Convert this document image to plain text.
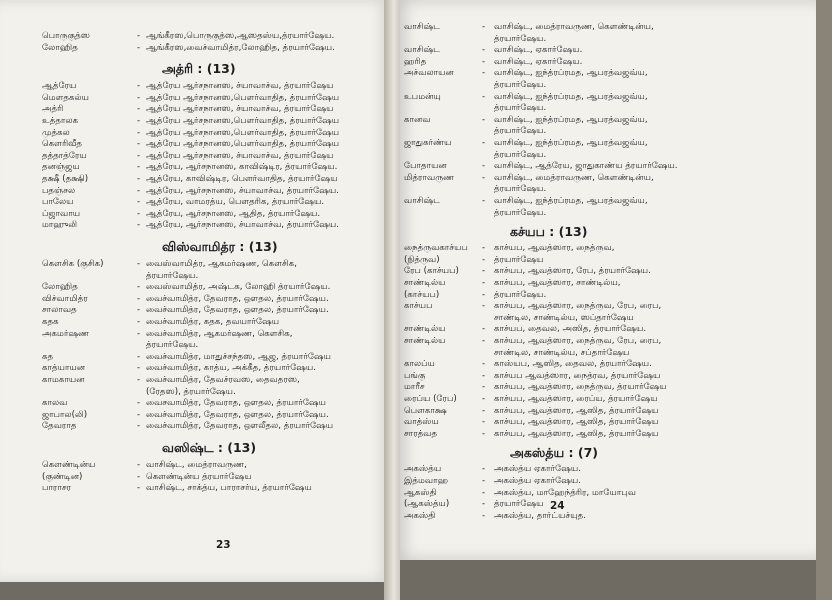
பொருகுத்ஸ	- ஆங்கீரஸ,பொருகுத்ஸ,ஆஸதஸ்ய,த்ரயார்ஷேய.
லோஹித	- ஆங்கீரஸ,வைச்வாமித்ர,லோஹித, த்ரயார்ஷேய.
அத்ரி : (13)
ஆத்ரேய	- ஆத்ரேய ஆர்சநானஸ, ச்யாவாச்வ, த்ரயார்ஷேய
மௌதகல்ய	- ஆத்ரேய ஆர்சநானஸ,பௌர்வாதித, த்ரயார்ஷேய
அத்ரி	- ஆத்ரேய ஆர்சநானஸ, ச்யாவாச்வ, த்ரயார்ஷேய
உத்தாலக	- ஆத்ரேய ஆர்சநானஸ,பௌர்வாதித, த்ரயார்ஷேய
முத்கல	- ஆத்ரேய ஆர்சநானஸ,பௌர்வாதித, த்ரயார்ஷேய
கௌரிவீத	- ஆத்ரேய ஆர்சநானஸ,பௌர்வாதித, த்ரயார்ஷேய
தத்தாத்ரேய	- ஆத்ரேய ஆர்சநானஸ, ச்யாவாச்வ, த்ரயார்ஷேய
தனஞ்ஜய	- ஆத்ரேய, ஆர்சநானஸ, காவிஷ்டிர, த்ரயார்ஷேய.
தக்ஷீ (தக்ஷி)	- ஆத்ரேய, காவிஷ்டிர, பௌர்வாதித, த்ரயார்ஷேய
பதஞ்சல	- ஆத்ரேய, ஆர்சநானஸ, ச்யாவாச்வ, த்ரயார்ஷேய.
பாலேய	- ஆத்ரேய, வாமரத்ய, பௌதரிக, த்ரயார்ஷேய.
ப்ஜாவாய	- ஆத்ரேய, ஆர்சநானஸ, ஆதித, த்ரயார்ஷேய.
மாஹுலி	- ஆத்ரேய, ஆர்சநானஸ, ச்யாவாச்வ, த்ரயார்ஷேய.
விஸ்வாமித்ர : (13)
கௌசிக (குசிக)	- வைஸ்வாமித்ர, ஆகமர்ஷண, கௌசிக,
த்ரயார்ஷேய.
லோஹித	- வைஸ்வாமித்ர, அஷ்டக, லோஹி த்ரயார்ஷேய.
விச்வாமித்ர	- வைச்வாமித்ர, தேவராத, ஔதல, த்ரயார்ஷேய.
சாலாவத	- வைச்வாமித்ர, தேவராத, ஔதல, த்ரயார்ஷேய.
கதக	- வைச்வாமித்ர, கதக, தவயார்ஷேய
அகமர்ஷண	- வைச்வாமித்ர, ஆகமர்ஷண, கௌசிக,
த்ரயார்ஷேய.
கத	- வைச்வாமித்ர, மாதுச்சந்தஸ, ஆஜ, த்ரயார்ஷேய
காத்யாயன	- வைச்வாமித்ர, காத்ய, அக்கீத, த்ரயார்ஷேய.
காமகாயன	- வைச்வாமித்ர, தேவச்ரவஸ, தைவதரஸ,
(ரேதஸ), த்ரயார்ஷேய.
காலவ	- வைசவாமித்ர, தேவராத, ஔதல, த்ரயார்ஷேய
ஜாபால(லி)	- வைச்வாமித்ர, தேவராத, ஔதல, த்ரயார்ஷேய.
தேவராத	- வைச்வாமித்ர, தேவராத, ஔலீதல, த்ரயார்ஷேய
வஸிஷ்ட : (13)
கௌண்டின்ய	- வாசிஷ்ட, மைத்ராவருண,
(குண்டின)	- கௌண்டின்ய த்ரயார்ஷேய
பாராசர	- வாசிஷ்ட, சாக்த்ய, பாராசர்ய, த்ரயார்ஷேய
23
வாசிஷ்ட	- வாசிஷ்ட, மைத்ராவருண, கௌண்டின்ய,
த்ரயார்ஷேய.
வாசிஷ்ட	- வாசிஷ்ட, ஏகார்ஷேய.
ஹரித	- வாசிஷ்ட, ஏகார்ஷேய.
அச்வலாயன	- வாசிஷ்ட, ஐந்த்ரப்ரமத, ஆபரத்வஜவ்ய,
த்ரயார்ஷேய.
உபமன்யு	- வாசிஷ்ட, ஐந்த்ரப்ரமத, ஆபரத்வஜவ்ய,
த்ரயார்ஷேய.
கானவ	- வாசிஷ்ட, ஐந்த்ரப்ரமத, ஆபரத்வஜவ்ய,
த்ரயார்ஷேய.
ஜாதுகர்ண்ய	- வாசிஷ்ட, ஐந்த்ரப்ரமத, ஆபரத்வஜவ்ய,
த்ரயார்ஷேய.
போதாயன	- வாசிஷ்ட, ஆத்ரேய, ஜாதுகாண்ய த்ரயார்ஷேய.
மித்ராவருண	- வாசிஷ்ட, மைத்ராவருண, கௌண்டின்ய,
த்ரயார்ஷேய.
வாசிஷ்ட	- வாசிஷ்ட, ஐந்த்ரப்ரமத, ஆபரத்வஜவ்ய,
த்ரயார்ஷேய.
கச்யப : (13)
நைத்ருவகாச்யப - காச்யப, ஆவத்ஸார, நைத்ருவ,
(நித்ருவ)	- த்ரயார்ஷேய
ரேப (காச்யப)	- காச்யப, ஆவத்ஸார, ரேப, த்ரயார்ஷேய.
சாண்டில்ய	- காச்யப, ஆவத்ஸார, சாண்டில்ய,
(காச்யப)	- த்ரயார்ஷேய.
காச்யப	- காச்யப, ஆவத்ஸார, நைத்ருவ, ரேப, ரைப,
சாண்டில, சாண்டில்ய, ஸப்தார்ஷேய
சாண்டில்ய	- காச்யப, தைவல, அஸித, த்ரயார்ஷேய.
சாண்டில்ய	- காச்யப, ஆவத்ஸார, நைத்ருவ, ரேப, ரைப,
சாண்டில, சாண்டில்ய, சப்தார்ஷேய
காலப்ய	- காஸ்யப, ஆஸித, தைவல, த்ரயார்ஷேய.
பங்கு	- காச்யப ஆவத்ஸார, நைத்ரவ, த்ரயார்ஷேய
மாரீச	- காச்யப, ஆவத்ஸார, நைத்ருவ, த்ரயார்ஷேய
ரைப்ய (ரேப)	- காச்யப, ஆவத்ஸார, ரைப்ய, த்ரயார்ஷேய
பௌகாக்ஷ	- காச்யப, ஆவத்ஸார, ஆஸித, த்ரயார்ஷேய
வாத்ஸ்ய	- காச்யப, ஆவத்ஸார, ஆஸித, த்ரயார்ஷேய
சாரத்வத	- காச்யப, ஆவத்ஸார, ஆஸித, த்ரயார்ஷேய
அகஸ்த்ய : (7)
அகஸ்த்ய	- அகஸ்த்ய ஏகார்ஷேய.
இத்மவாஹ	- அகஸ்த்ய ஏகார்ஷேய.
ஆகஸ்தி	- அகஸ்த்ய, மாஹேந்த்ரிர, மாயோபுவ
(ஆகஸ்த்ய)	- த்ரயார்ஷேய
அகஸ்தி	- அகஸ்த்ய, தார்ட்யச்யுத.
24
